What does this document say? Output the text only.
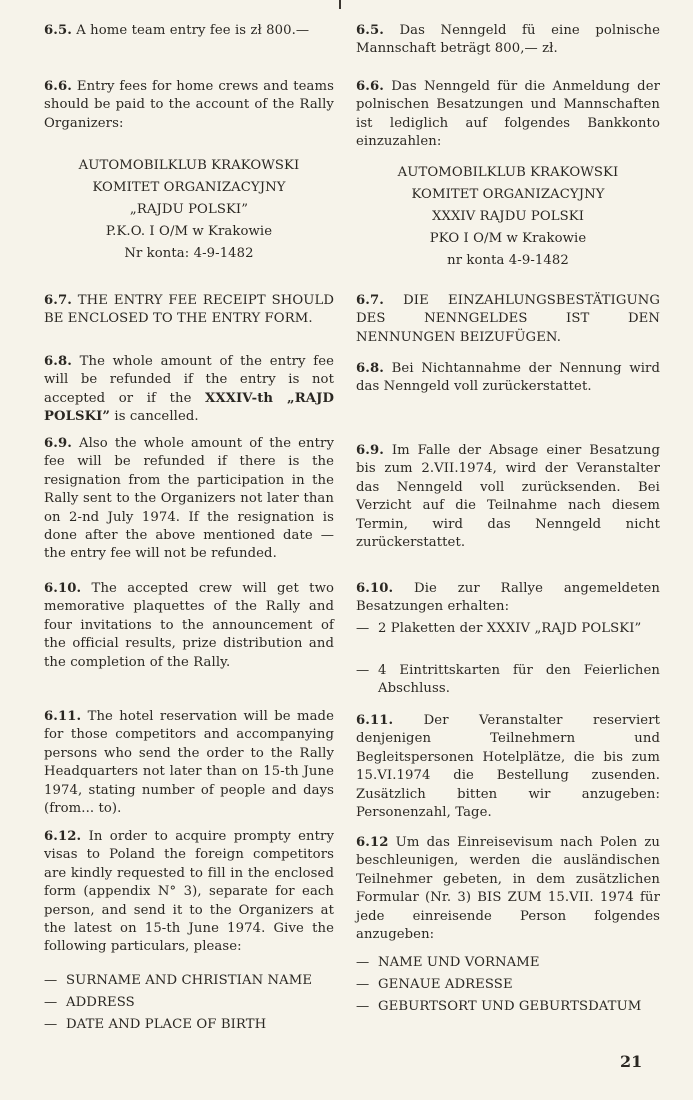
6.5. A home team entry fee is zł 800.—

6.6. Entry fees for home crews and teams should be paid to the account of the Rally Organizers:

AUTOMOBILKLUB KRAKOWSKI
KOMITET ORGANIZACYJNY
„RAJDU POLSKI”
P.K.O. I O/M w Krakowie
Nr konta: 4-9-1482

6.7. THE ENTRY FEE RECEIPT SHOULD BE ENCLOSED TO THE ENTRY FORM.

6.8. The whole amount of the entry fee will be refunded if the entry is not accepted or if the XXXIV-th „RAJD POLSKI” is cancelled.

6.9. Also the whole amount of the entry fee will be refunded if there is the resignation from the participation in the Rally sent to the Organizers not later than on 2-nd July 1974. If the resignation is done after the above mentioned date — the entry fee will not be refunded.

6.10. The accepted crew will get two memorative plaquettes of the Rally and four invitations to the announcement of the official results, prize distribution and the completion of the Rally.

6.11. The hotel reservation will be made for those competitors and accompanying persons who send the order to the Rally Headquarters not later than on 15-th June 1974, stating number of people and days (from... to).

6.12. In order to acquire prompty entry visas to Poland the foreign competitors are kindly requested to fill in the enclosed form (appendix N° 3), separate for each person, and send it to the Organizers at the latest on 15-th June 1974. Give the following particulars, please:

— SURNAME AND CHRISTIAN NAME
— ADDRESS
— DATE AND PLACE OF BIRTH

6.5. Das Nenngeld fü eine polnische Mannschaft beträgt 800,— zł.

6.6. Das Nenngeld für die Anmeldung der polnischen Besatzungen und Mannschaften ist lediglich auf folgendes Bankkonto einzuzahlen:

AUTOMOBILKLUB KRAKOWSKI
KOMITET ORGANIZACYJNY
XXXIV RAJDU POLSKI
PKO I O/M w Krakowie
nr konta 4-9-1482

6.7. DIE EINZAHLUNGSBESTÄTIGUNG DES NENNGELDES IST DEN NENNUNGEN BEIZUFÜGEN.

6.8. Bei Nichtannahme der Nennung wird das Nenngeld voll zurückerstattet.

6.9. Im Falle der Absage einer Besatzung bis zum 2.VII.1974, wird der Veranstalter das Nenngeld voll zurücksenden. Bei Verzicht auf die Teilnahme nach diesem Termin, wird das Nenngeld nicht zurückerstattet.

6.10. Die zur Rallye angemeldeten Besatzungen erhalten:

— 2 Plaketten der XXXIV „RAJD POLSKI”

— 4 Eintrittskarten für den Feierlichen Abschluss.

6.11. Der Veranstalter reserviert denjenigen Teilnehmern und Begleitspersonen Hotelplätze, die bis zum 15.VI.1974 die Bestellung zusenden. Zusätzlich bitten wir anzugeben: Personenzahl, Tage.

6.12 Um das Einreisevisum nach Polen zu beschleunigen, werden die ausländischen Teilnehmer gebeten, in dem zusätzlichen Formular (Nr. 3) BIS ZUM 15.VII. 1974 für jede einreisende Person folgendes anzugeben:

— NAME UND VORNAME
— GENAUE ADRESSE

— GEBURTSORT UND GEBURTSDATUM

21
